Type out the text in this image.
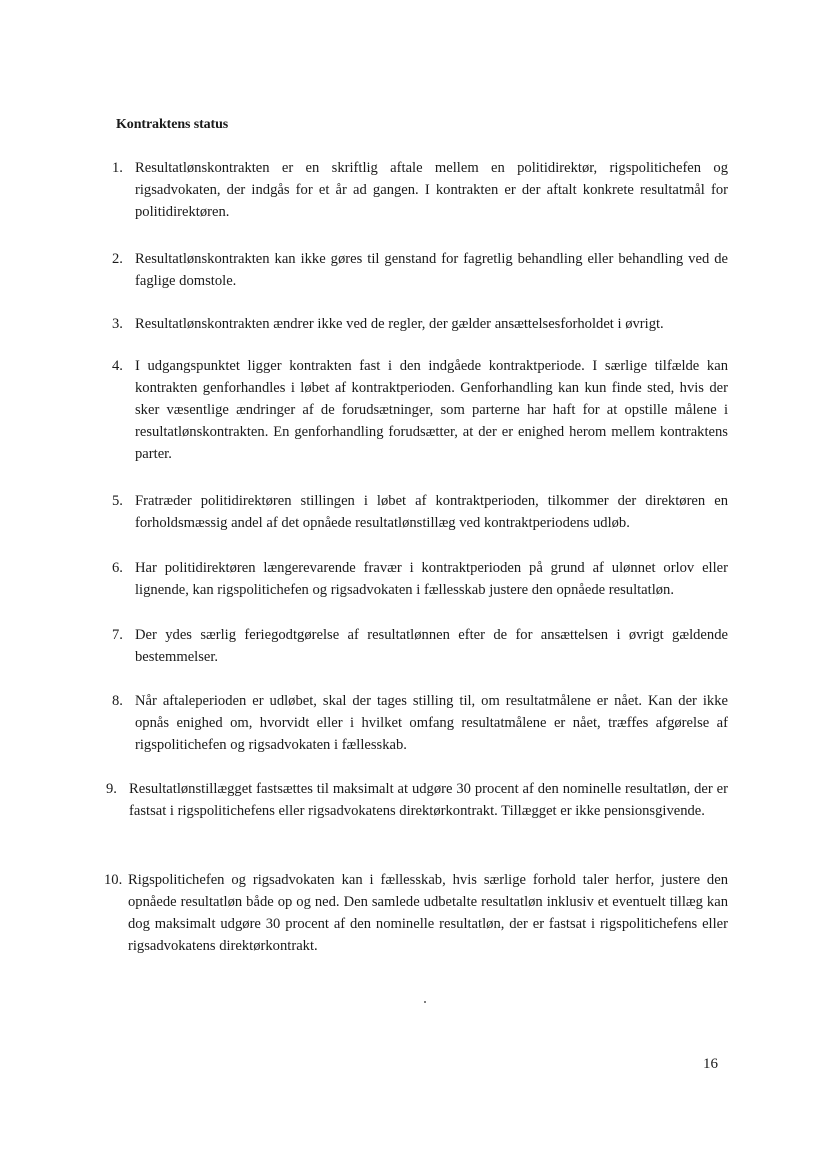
Kontraktens status
1. Resultatlønskontrakten er en skriftlig aftale mellem en politidirektør, rigspolitichefen og rigsadvokaten, der indgås for et år ad gangen. I kontrakten er der aftalt konkrete resultatmål for politidirektøren.
2. Resultatlønskontrakten kan ikke gøres til genstand for fagretlig behandling eller behandling ved de faglige domstole.
3. Resultatlønskontrakten ændrer ikke ved de regler, der gælder ansættelsesforholdet i øvrigt.
4. I udgangspunktet ligger kontrakten fast i den indgåede kontraktperiode. I særlige tilfælde kan kontrakten genforhandles i løbet af kontraktperioden. Genforhandling kan kun finde sted, hvis der sker væsentlige ændringer af de forudsætninger, som parterne har haft for at opstille målene i resultatlønskontrakten. En genforhandling forudsætter, at der er enighed herom mellem kontraktens parter.
5. Fratræder politidirektøren stillingen i løbet af kontraktperioden, tilkommer der direktøren en forholdsmæssig andel af det opnåede resultatlønstillæg ved kontraktperiodens udløb.
6. Har politidirektøren længerevarende fravær i kontraktperioden på grund af ulønnet orlov eller lignende, kan rigspolitichefen og rigsadvokaten i fællesskab justere den opnåede resultatløn.
7. Der ydes særlig feriegodtgørelse af resultatlønnen efter de for ansættelsen i øvrigt gældende bestemmelser.
8. Når aftaleperioden er udløbet, skal der tages stilling til, om resultatmålene er nået. Kan der ikke opnås enighed om, hvorvidt eller i hvilket omfang resultatmålene er nået, træffes afgørelse af rigspolitichefen og rigsadvokaten i fællesskab.
9. Resultatlønstillægget fastsættes til maksimalt at udgøre 30 procent af den nominelle resultatløn, der er fastsat i rigspolitichefens eller rigsadvokatens direktørkontrakt. Tillægget er ikke pensionsgivende.
10. Rigspolitichefen og rigsadvokaten kan i fællesskab, hvis særlige forhold taler herfor, justere den opnåede resultatløn både op og ned. Den samlede udbetalte resultatløn inklusiv et eventuelt tillæg kan dog maksimalt udgøre 30 procent af den nominelle resultatløn, der er fastsat i rigspolitichefens eller rigsadvokatens direktørkontrakt.
16
